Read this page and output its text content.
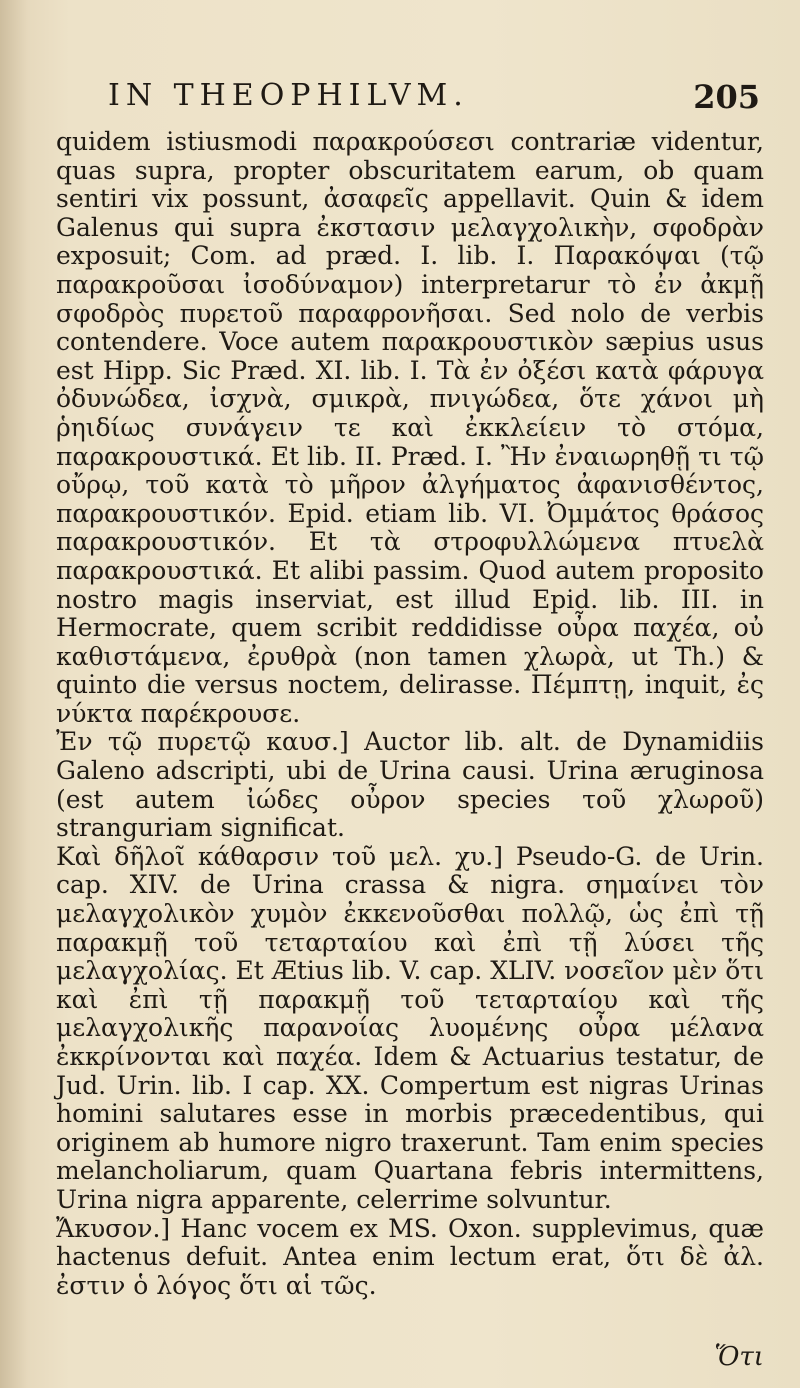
IN THEOPHILVM.	205

quidem istiusmodi παρακρούσεσι contrariæ videntur, quas supra, propter obscuritatem earum, ob quam sentiri vix possunt, ἀσαφεῖς appellavit. Quin & idem Galenus qui supra ἐκστασιν μελαγχολικὴν, σφοδρὰν exposuit; Com. ad præd. I. lib. I. Παρακόψαι (τῷ παρακροῦσαι ἰσοδύναμον) interpretarur τὸ ἐν ἀκμῇ σφοδρὸς πυρετοῦ παραφρονῆσαι. Sed nolo de verbis contendere. Voce autem παρακρουστικὸν sæpius usus est Hipp. Sic Præd. XI. lib. I. Τὰ ἐν ὀξέσι κατὰ φάρυγα ὀδυνώδεα, ἰσχνὰ, σμικρὰ, πνιγώδεα, ὅτε χάνοι μὴ ῥηιδίως συνάγειν τε καὶ ἐκκλείειν τὸ στόμα, παρακρουστικά. Et lib. II. Præd. I. Ἢν ἐναιωρηθῇ τι τῷ οὔρῳ, τοῦ κατὰ τὸ μῆρον ἀλγήματος ἀφανισθέντος, παρακρουστικόν. Epid. etiam lib. VI. Ὀμμάτος θράσος παρακρουστικόν. Et τὰ στροφυλλώμενα πτυελὰ παρακρουστικά. Et alibi passim. Quod autem proposito nostro magis inserviat, est illud Epid. lib. III. in Hermocrate, quem scribit reddidisse οὖρα παχέα, οὐ καθιστάμενα, ἐρυθρὰ (non tamen χλωρὰ, ut Th.) & quinto die versus noctem, delirasse. Πέμπτῃ, inquit, ἐς νύκτα παρέκρουσε.

Ἐν τῷ πυρετῷ καυσ.] Auctor lib. alt. de Dynamidiis Galeno adscripti, ubi de Urina causi. Urina æruginosa (est autem ἰώδες οὖρον species τοῦ χλωροῦ) stranguriam significat.

Καὶ δῆλοῖ κάθαρσιν τοῦ μελ. χυ.] Pseudo-G. de Urin. cap. XIV. de Urina crassa & nigra. σημαίνει τὸν μελαγχολικὸν χυμὸν ἐκκενοῦσθαι πολλῷ, ὡς ἐπὶ τῇ παρακμῇ τοῦ τεταρταίου καὶ ἐπὶ τῇ λύσει τῆς μελαγχολίας. Et Ætius lib. V. cap. XLIV. νοσεῖον μὲν ὅτι καὶ ἐπὶ τῇ παρακμῇ τοῦ τεταρταίου καὶ τῆς μελαγχολικῆς παρανοίας λυομένης οὖρα μέλανα ἐκκρίνονται καὶ παχέα. Idem & Actuarius testatur, de Jud. Urin. lib. I cap. XX. Compertum est nigras Urinas homini salutares esse in morbis præcedentibus, qui originem ab humore nigro traxerunt. Tam enim species melancholiarum, quam Quartana febris intermittens, Urina nigra apparente, celerrime solvuntur.

Ἄκυσον.] Hanc vocem ex MS. Oxon. supplevimus, quæ hactenus defuit. Antea enim lectum erat, ὅτι δὲ ἀλ. ἐστιν ὁ λόγος ὅτι αἱ τῶς.

Ὅτι
